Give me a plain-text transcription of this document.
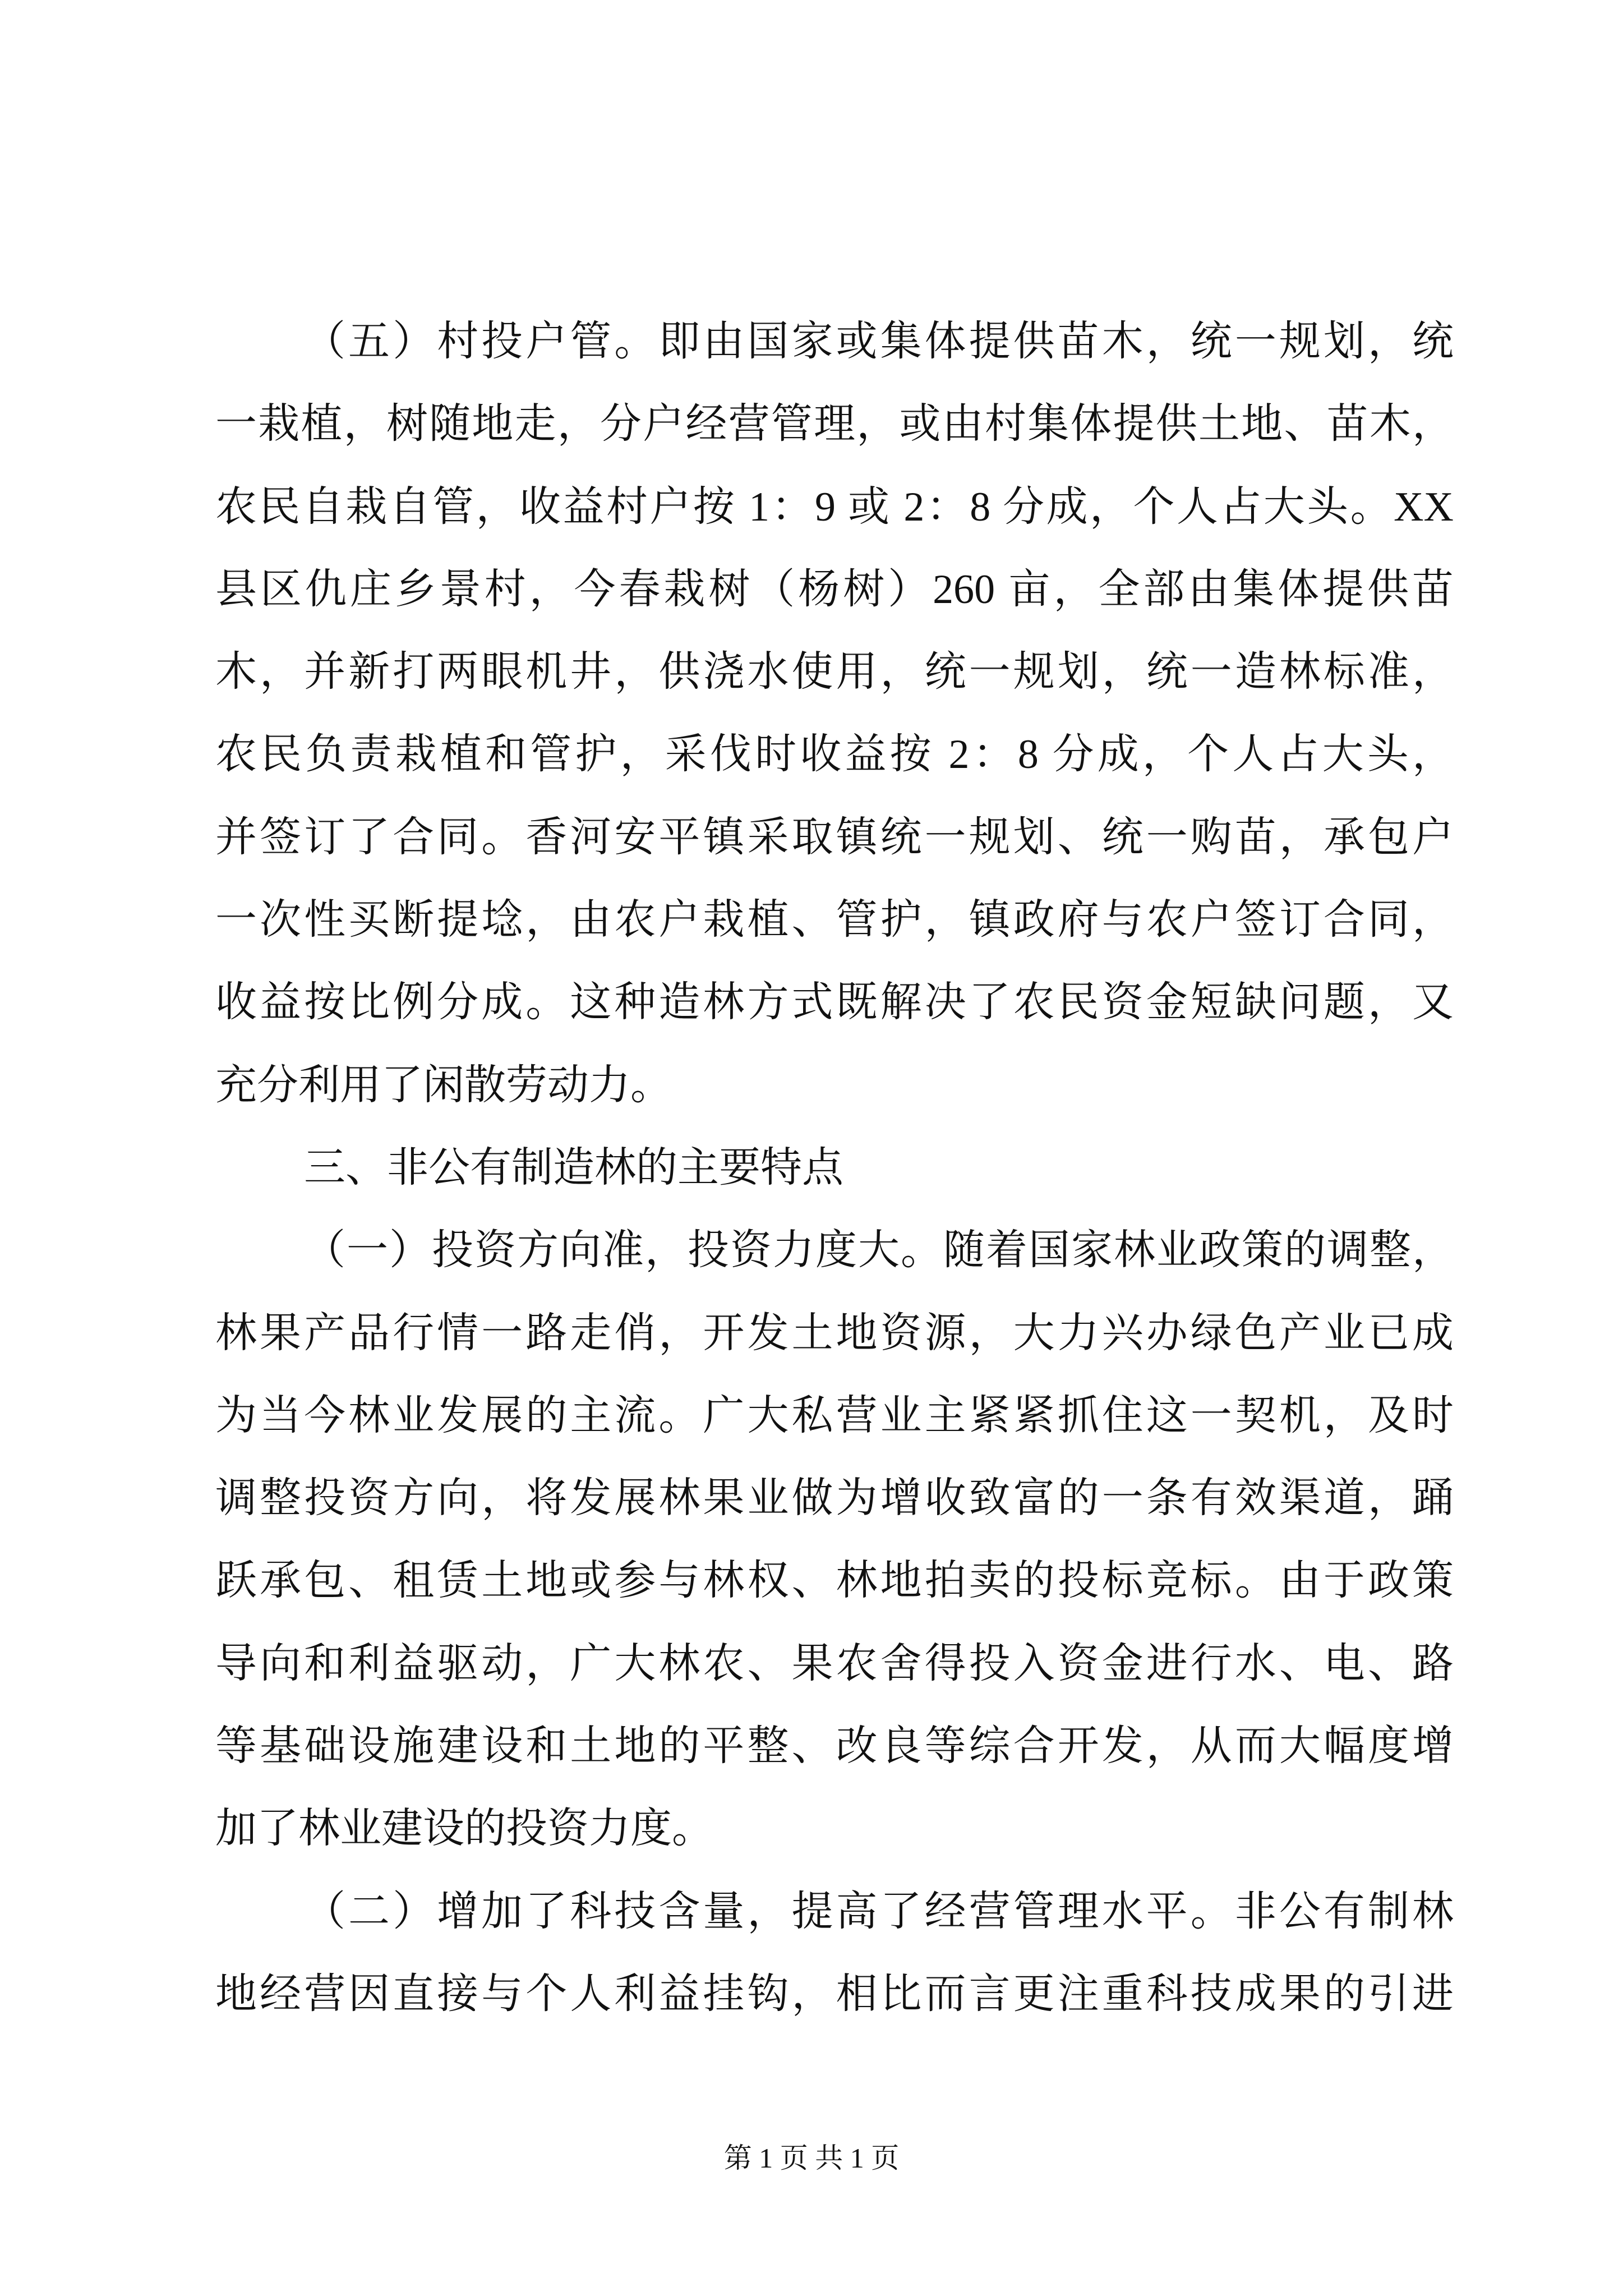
（五）村投户管。即由国家或集体提供苗木，统一规划，统
一栽植，树随地走，分户经营管理，或由村集体提供土地、苗木，
农民自栽自管，收益村户按 1：9 或 2：8 分成，个人占大头。XX
县区仇庄乡景村，今春栽树（杨树）260 亩，全部由集体提供苗
木，并新打两眼机井，供浇水使用，统一规划，统一造林标准，
农民负责栽植和管护，采伐时收益按 2：8 分成，个人占大头，
并签订了合同。香河安平镇采取镇统一规划、统一购苗，承包户
一次性买断提埝，由农户栽植、管护，镇政府与农户签订合同，
收益按比例分成。这种造林方式既解决了农民资金短缺问题，又
充分利用了闲散劳动力。
三、非公有制造林的主要特点
（一）投资方向准，投资力度大。随着国家林业政策的调整，
林果产品行情一路走俏，开发土地资源，大力兴办绿色产业已成
为当今林业发展的主流。广大私营业主紧紧抓住这一契机，及时
调整投资方向，将发展林果业做为增收致富的一条有效渠道，踊
跃承包、租赁土地或参与林权、林地拍卖的投标竞标。由于政策
导向和利益驱动，广大林农、果农舍得投入资金进行水、电、路
等基础设施建设和土地的平整、改良等综合开发，从而大幅度增
加了林业建设的投资力度。
（二）增加了科技含量，提高了经营管理水平。非公有制林
地经营因直接与个人利益挂钩，相比而言更注重科技成果的引进
第 1 页 共 1 页
